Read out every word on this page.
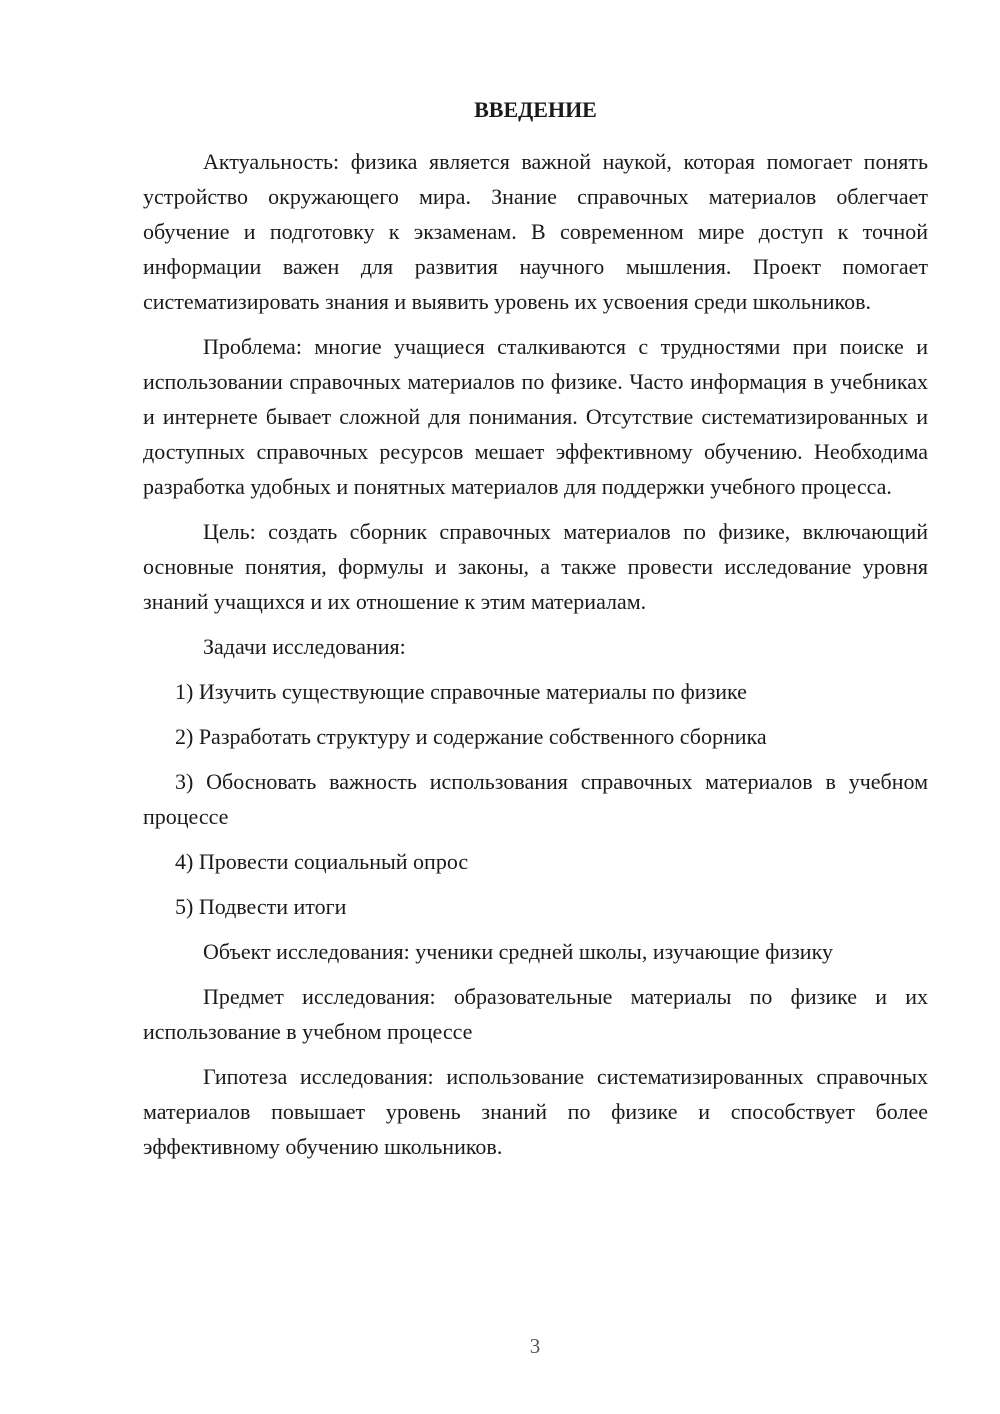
ВВЕДЕНИЕ

Актуальность: физика является важной наукой, которая помогает понять устройство окружающего мира. Знание справочных материалов облегчает обучение и подготовку к экзаменам. В современном мире доступ к точной информации важен для развития научного мышления. Проект помогает систематизировать знания и выявить уровень их усвоения среди школьников.

Проблема: многие учащиеся сталкиваются с трудностями при поиске и использовании справочных материалов по физике. Часто информация в учебниках и интернете бывает сложной для понимания. Отсутствие систематизированных и доступных справочных ресурсов мешает эффективному обучению. Необходима разработка удобных и понятных материалов для поддержки учебного процесса.

Цель: создать сборник справочных материалов по физике, включающий основные понятия, формулы и законы, а также провести исследование уровня знаний учащихся и их отношение к этим материалам.

Задачи исследования:

1) Изучить существующие справочные материалы по физике

2) Разработать структуру и содержание собственного сборника

3) Обосновать важность использования справочных материалов в учебном процессе

4) Провести социальный опрос

5) Подвести итоги

Объект исследования: ученики средней школы, изучающие физику

Предмет исследования: образовательные материалы по физике и их использование в учебном процессе

Гипотеза исследования: использование систематизированных справочных материалов повышает уровень знаний по физике и способствует более эффективному обучению школьников.

3
